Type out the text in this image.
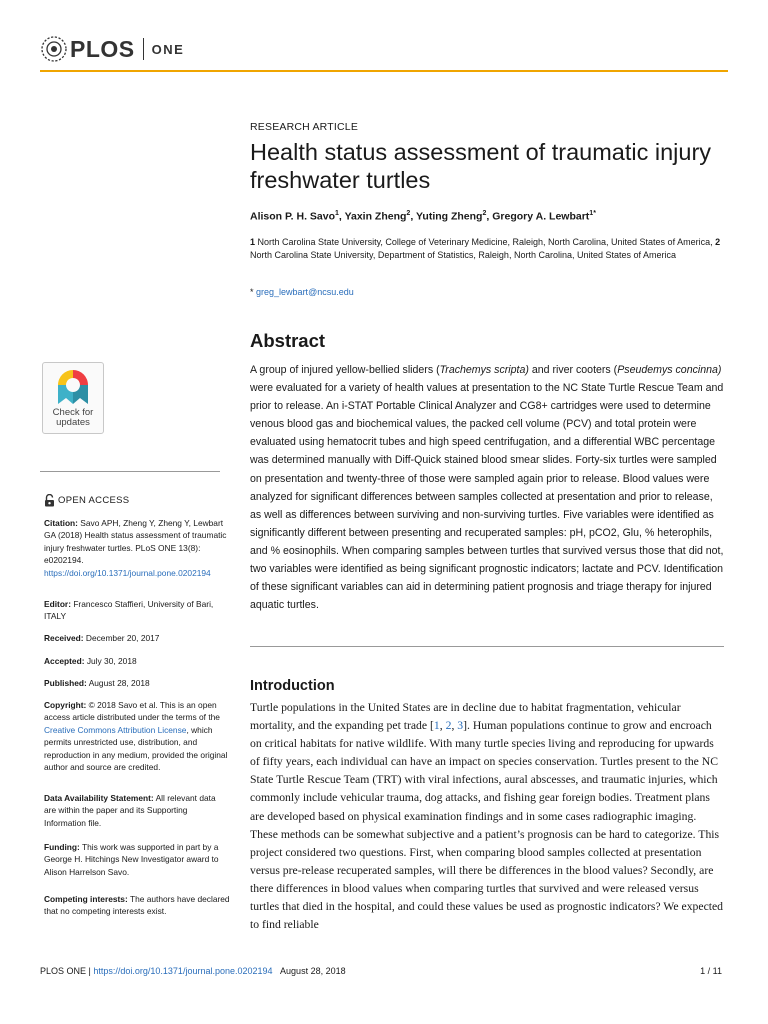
PLOS ONE
RESEARCH ARTICLE
Health status assessment of traumatic injury freshwater turtles
Alison P. H. Savo$^1$, Yaxin Zheng$^2$, Yuting Zheng$^2$, Gregory A. Lewbart$^{1*}$
1 North Carolina State University, College of Veterinary Medicine, Raleigh, North Carolina, United States of America, 2 North Carolina State University, Department of Statistics, Raleigh, North Carolina, United States of America
* greg_lewbart@ncsu.edu
Abstract

A group of injured yellow-bellied sliders (Trachemys scripta) and river cooters (Pseudemys concinna) were evaluated for a variety of health values at presentation to the NC State Turtle Rescue Team and prior to release. An i-STAT Portable Clinical Analyzer and CG8+ cartridges were used to determine venous blood gas and biochemical values, the packed cell volume (PCV) and total protein were evaluated using hematocrit tubes and high speed centrifugation, and a differential WBC percentage was determined manually with Diff-Quick stained blood smear slides. Forty-six turtles were sampled on presentation and twenty-three of those were sampled again prior to release. Blood values were analyzed for significant differences between samples collected at presentation and prior to release, as well as differences between surviving and non-surviving turtles. Five variables were identified as significantly different between presenting and recuperated samples: pH, pCO2, Glu, % heterophils, and % eosinophils. When comparing samples between turtles that survived versus those that did not, two variables were identified as being significant prognostic indicators; lactate and PCV. Identification of these significant variables can aid in determining patient prognosis and triage therapy for injured aquatic turtles.

Introduction

Turtle populations in the United States are in decline due to habitat fragmentation, vehicular mortality, and the expanding pet trade [1, 2, 3]. Human populations continue to grow and encroach on critical habitats for native wildlife. With many turtle species living and reproducing for upwards of fifty years, each individual can have an impact on species conservation. Turtles present to the NC State Turtle Rescue Team (TRT) with viral infections, aural abscesses, and traumatic injuries, which commonly include vehicular trauma, dog attacks, and fishing gear foreign bodies. Treatment plans are developed based on physical examination findings and in some cases radiographic imaging. These methods can be somewhat subjective and a patient’s prognosis can be hard to categorize. This project considered two questions. First, when comparing blood samples collected at presentation versus pre-release recuperated samples, will there be differences in the blood values? Secondly, are there differences in blood values when comparing turtles that survived and were released versus turtles that died in the hospital, and could these values be used as prognostic indicators? We expected to find reliable

Check for updates
OPEN ACCESS
Citation: Savo APH, Zheng Y, Zheng Y, Lewbart GA (2018) Health status assessment of traumatic injury freshwater turtles. PLoS ONE 13(8): e0202194. https://doi.org/10.1371/journal.pone.0202194
Editor: Francesco Staffieri, University of Bari, ITALY
Received: December 20, 2017
Accepted: July 30, 2018
Published: August 28, 2018
Copyright: © 2018 Savo et al. This is an open access article distributed under the terms of the Creative Commons Attribution License, which permits unrestricted use, distribution, and reproduction in any medium, provided the original author and source are credited.
Data Availability Statement: All relevant data are within the paper and its Supporting Information file.
Funding: This work was supported in part by a George H. Hitchings New Investigator award to Alison Harrelson Savo.
Competing interests: The authors have declared that no competing interests exist.
PLOS ONE | https://doi.org/10.1371/journal.pone.0202194 August 28, 2018	1 / 11
